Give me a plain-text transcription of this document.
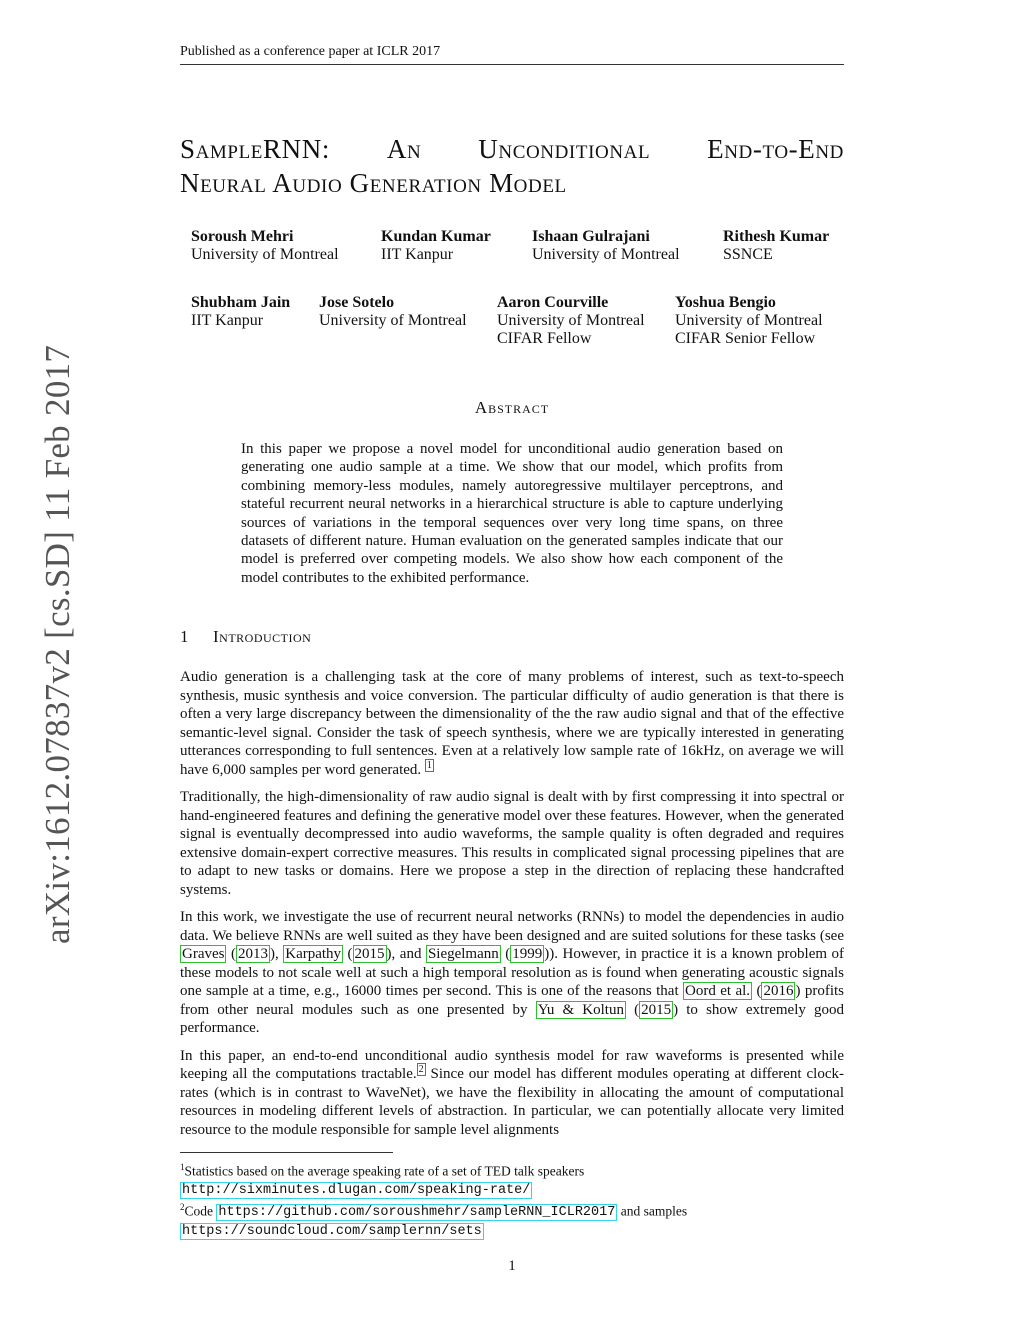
Published as a conference paper at ICLR 2017
arXiv:1612.07837v2 [cs.SD] 11 Feb 2017
SampleRNN: An Unconditional End-to-End
Neural Audio Generation Model
Soroush Mehri
University of Montreal
Kundan Kumar
IIT Kanpur
Ishaan Gulrajani
University of Montreal
Rithesh Kumar
SSNCE
Shubham Jain
IIT Kanpur
Jose Sotelo
University of Montreal
Aaron Courville
University of Montreal
CIFAR Fellow
Yoshua Bengio
University of Montreal
CIFAR Senior Fellow
Abstract
In this paper we propose a novel model for unconditional audio generation based on generating one audio sample at a time. We show that our model, which profits from combining memory-less modules, namely autoregressive multilayer perceptrons, and stateful recurrent neural networks in a hierarchical structure is able to capture underlying sources of variations in the temporal sequences over very long time spans, on three datasets of different nature. Human evaluation on the generated samples indicate that our model is preferred over competing models. We also show how each component of the model contributes to the exhibited performance.
1 Introduction

Audio generation is a challenging task at the core of many problems of interest, such as text-to-speech synthesis, music synthesis and voice conversion. The particular difficulty of audio generation is that there is often a very large discrepancy between the dimensionality of the the raw audio signal and that of the effective semantic-level signal. Consider the task of speech synthesis, where we are typically interested in generating utterances corresponding to full sentences. Even at a relatively low sample rate of 16kHz, on average we will have 6,000 samples per word generated. $^1$

Traditionally, the high-dimensionality of raw audio signal is dealt with by first compressing it into spectral or hand-engineered features and defining the generative model over these features. However, when the generated signal is eventually decompressed into audio waveforms, the sample quality is often degraded and requires extensive domain-expert corrective measures. This results in complicated signal processing pipelines that are to adapt to new tasks or domains. Here we propose a step in the direction of replacing these handcrafted systems.

In this work, we investigate the use of recurrent neural networks (RNNs) to model the dependencies in audio data. We believe RNNs are well suited as they have been designed and are suited solutions for these tasks (see Graves ( 2013 ), Karpathy ( 2015 ), and Siegelmann ( 1999 )). However, in practice it is a known problem of these models to not scale well at such a high temporal resolution as is found when generating acoustic signals one sample at a time, e.g., 16000 times per second. This is one of the reasons that Oord et al. ( 2016 ) profits from other neural modules such as one presented by Yu & Koltun ( 2015 ) to show extremely good performance.

In this paper, an end-to-end unconditional audio synthesis model for raw waveforms is presented while keeping all the computations tractable. $^2$ Since our model has different modules operating at different clock-rates (which is in contrast to WaveNet), we have the flexibility in allocating the amount of computational resources in modeling different levels of abstraction. In particular, we can potentially allocate very limited resource to the module responsible for sample level alignments

$^1$Statistics based on the average speaking rate of a set of TED talk speakers http://sixminutes.dlugan.com/speaking-rate/
$^2$Code https://github.com/soroushmehr/sampleRNN_ICLR2017 and samples https://soundcloud.com/samplernn/sets
1
